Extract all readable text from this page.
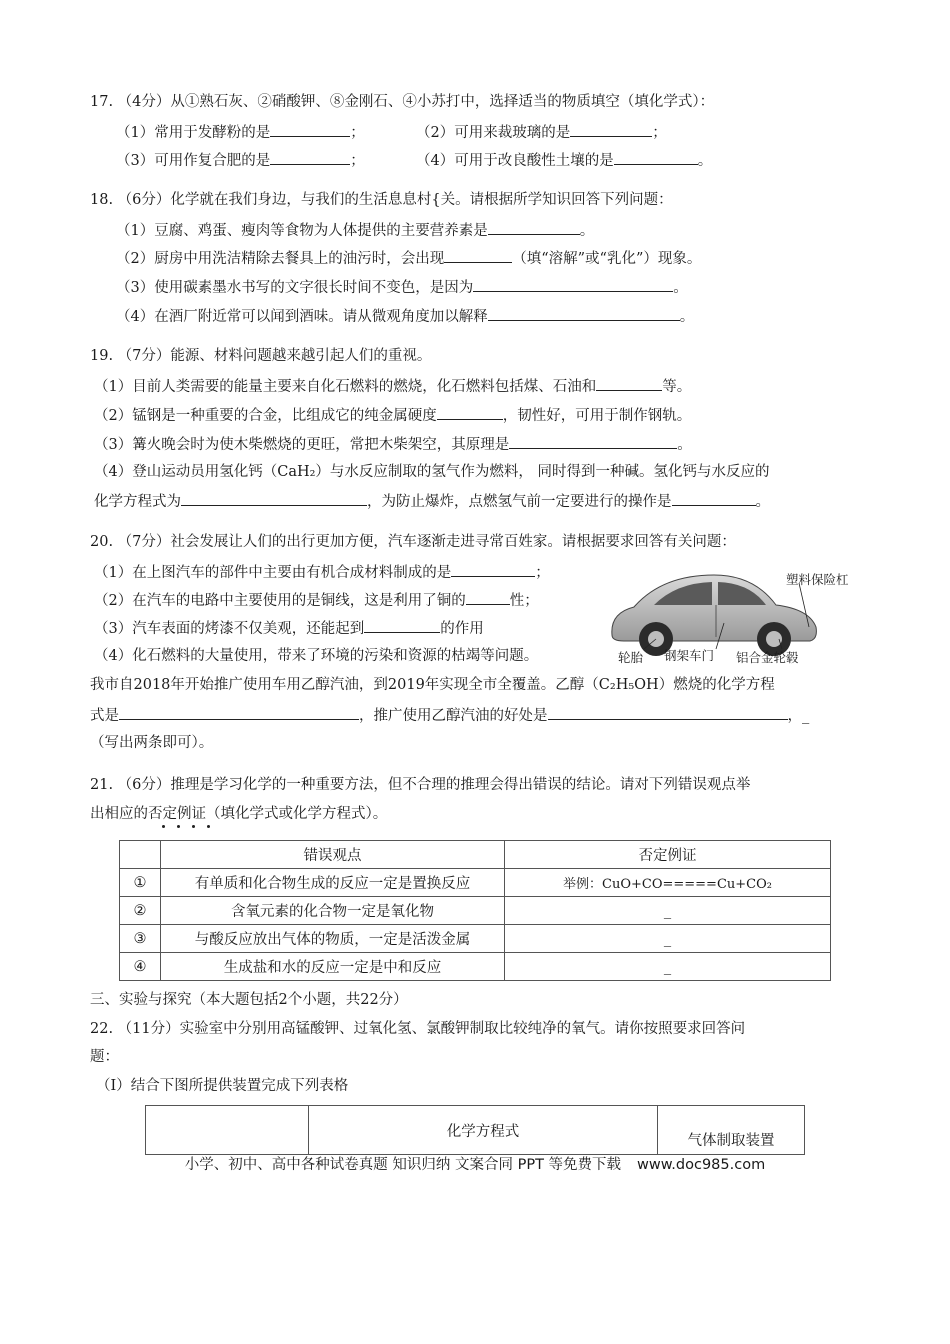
17. （4分）从①熟石灰、②硝酸钾、⑧金刚石、④小苏打中，选择适当的物质填空（填化学式）：
（1）常用于发酵粉的是	；	（2）可用来裁玻璃的是	；
（3）可用作复合肥的是	；	（4）可用于改良酸性土壤的是	。
18. （6分）化学就在我们身边，与我们的生活息息村{关。请根据所学知识回答下列问题：
（1）豆腐、鸡蛋、瘦肉等食物为人体提供的主要营养素是	。
（2）厨房中用洗洁精除去餐具上的油污时，会出现	（填“溶解”或“乳化”）现象。
（3）使用碳素墨水书写的文字很长时间不变色，是因为	。
（4）在酒厂附近常可以闻到酒味。请从微观角度加以解释	。
19. （7分）能源、材料问题越来越引起人们的重视。
（1）目前人类需要的能量主要来自化石燃料的燃烧，化石燃料包括煤、石油和	等。
（2）锰钢是一种重要的合金，比组成它的纯金属硬度	，韧性好，可用于制作钢轨。
（3）篝火晚会时为使木柴燃烧的更旺，常把木柴架空，其原理是	。
（4）登山运动员用氢化钙（CaH₂）与水反应制取的氢气作为燃料， 同时得到一种碱。氢化钙与水反应的
化学方程式为	，为防止爆炸，点燃氢气前一定要进行的操作是	。
20. （7分）社会发展让人们的出行更加方便，汽车逐渐走进寻常百姓家。请根据要求回答有关问题：
（1）在上图汽车的部件中主要由有机合成材料制成的是	；
（2）在汽车的电路中主要使用的是铜线，这是利用了铜的	性；
（3）汽车表面的烤漆不仅美观，还能起到	的作用
（4）化石燃料的大量使用，带来了环境的污染和资源的枯竭等问题。
我市自2018年开始推广使用车用乙醇汽油，到2019年实现全市全覆盖。乙醇（C₂H₅OH）燃烧的化学方程
式是	，推广使用乙醇汽油的好处是	，_
（写出两条即可）。
塑料保险杠
轮胎 钢架车门 铝合金轮毂
21. （6分）推理是学习化学的一种重要方法，但不合理的推理会得出错误的结论。请对下列错误观点举
出相应的否定例证（填化学式或化学方程式）。
	错误观点	否定例证
①	有单质和化合物生成的反应一定是置换反应	举例：CuO+CO=====Cu+CO₂
②	含氧元素的化合物一定是氧化物	_
③	与酸反应放出气体的物质，一定是活泼金属	_
④	生成盐和水的反应一定是中和反应	_
三、实验与探究（本大题包括2个小题，共22分）
22. （11分）实验室中分别用高锰酸钾、过氧化氢、氯酸钾制取比较纯净的氧气。请你按照要求回答问
题：
（Ⅰ）结合下图所提供装置完成下列表格
	化学方程式	气体制取装置
小学、初中、高中各种试卷真题 知识归纳 文案合同 PPT 等免费下载 www.doc985.com
